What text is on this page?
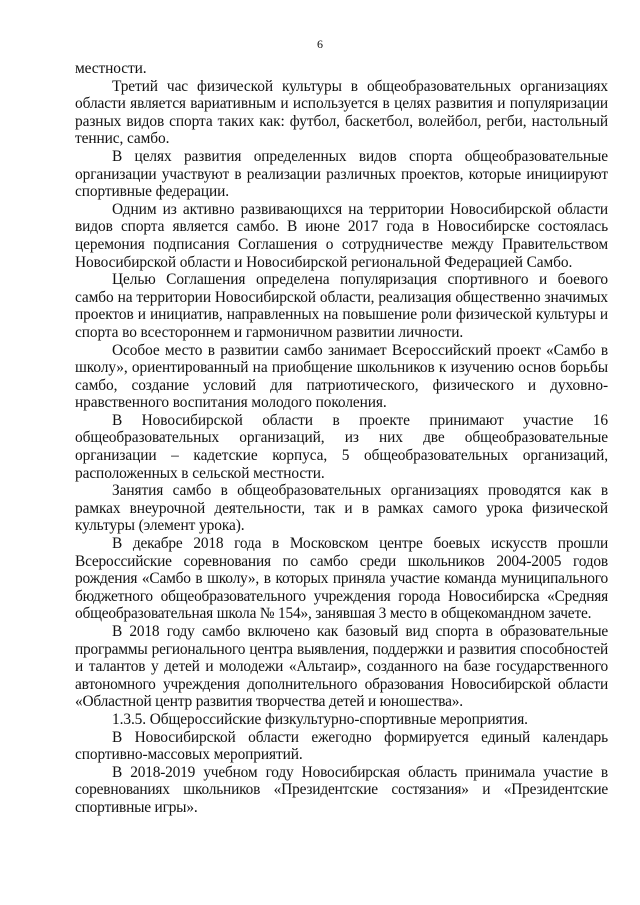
6

местности.

Третий час физической культуры в общеобразовательных организациях области является вариативным и используется в целях развития и популяризации разных видов спорта таких как: футбол, баскетбол, волейбол, регби, настольный теннис, самбо.

В целях развития определенных видов спорта общеобразовательные организации участвуют в реализации различных проектов, которые инициируют спортивные федерации.

Одним из активно развивающихся на территории Новосибирской области видов спорта является самбо. В июне 2017 года в Новосибирске состоялась церемония подписания Соглашения о сотрудничестве между Правительством Новосибирской области и Новосибирской региональной Федерацией Самбо.

Целью Соглашения определена популяризация спортивного и боевого самбо на территории Новосибирской области, реализация общественно значимых проектов и инициатив, направленных на повышение роли физической культуры и спорта во всестороннем и гармоничном развитии личности.

Особое место в развитии самбо занимает Всероссийский проект «Самбо в школу», ориентированный на приобщение школьников к изучению основ борьбы самбо, создание условий для патриотического, физического и духовно-нравственного воспитания молодого поколения.

В Новосибирской области в проекте принимают участие 16 общеобразовательных организаций, из них две общеобразовательные организации – кадетские корпуса, 5 общеобразовательных организаций, расположенных в сельской местности.

Занятия самбо в общеобразовательных организациях проводятся как в рамках внеурочной деятельности, так и в рамках самого урока физической культуры (элемент урока).

В декабре 2018 года в Московском центре боевых искусств прошли Всероссийские соревнования по самбо среди школьников 2004-2005 годов рождения «Самбо в школу», в которых приняла участие команда муниципального бюджетного общеобразовательного учреждения города Новосибирска «Средняя общеобразовательная школа № 154», занявшая 3 место в общекомандном зачете.

В 2018 году самбо включено как базовый вид спорта в образовательные программы регионального центра выявления, поддержки и развития способностей и талантов у детей и молодежи «Альтаир», созданного на базе государственного автономного учреждения дополнительного образования Новосибирской области «Областной центр развития творчества детей и юношества».

1.3.5. Общероссийские физкультурно-спортивные мероприятия.

В Новосибирской области ежегодно формируется единый календарь спортивно-массовых мероприятий.

В 2018-2019 учебном году Новосибирская область принимала участие в соревнованиях школьников «Президентские состязания» и «Президентские спортивные игры».
